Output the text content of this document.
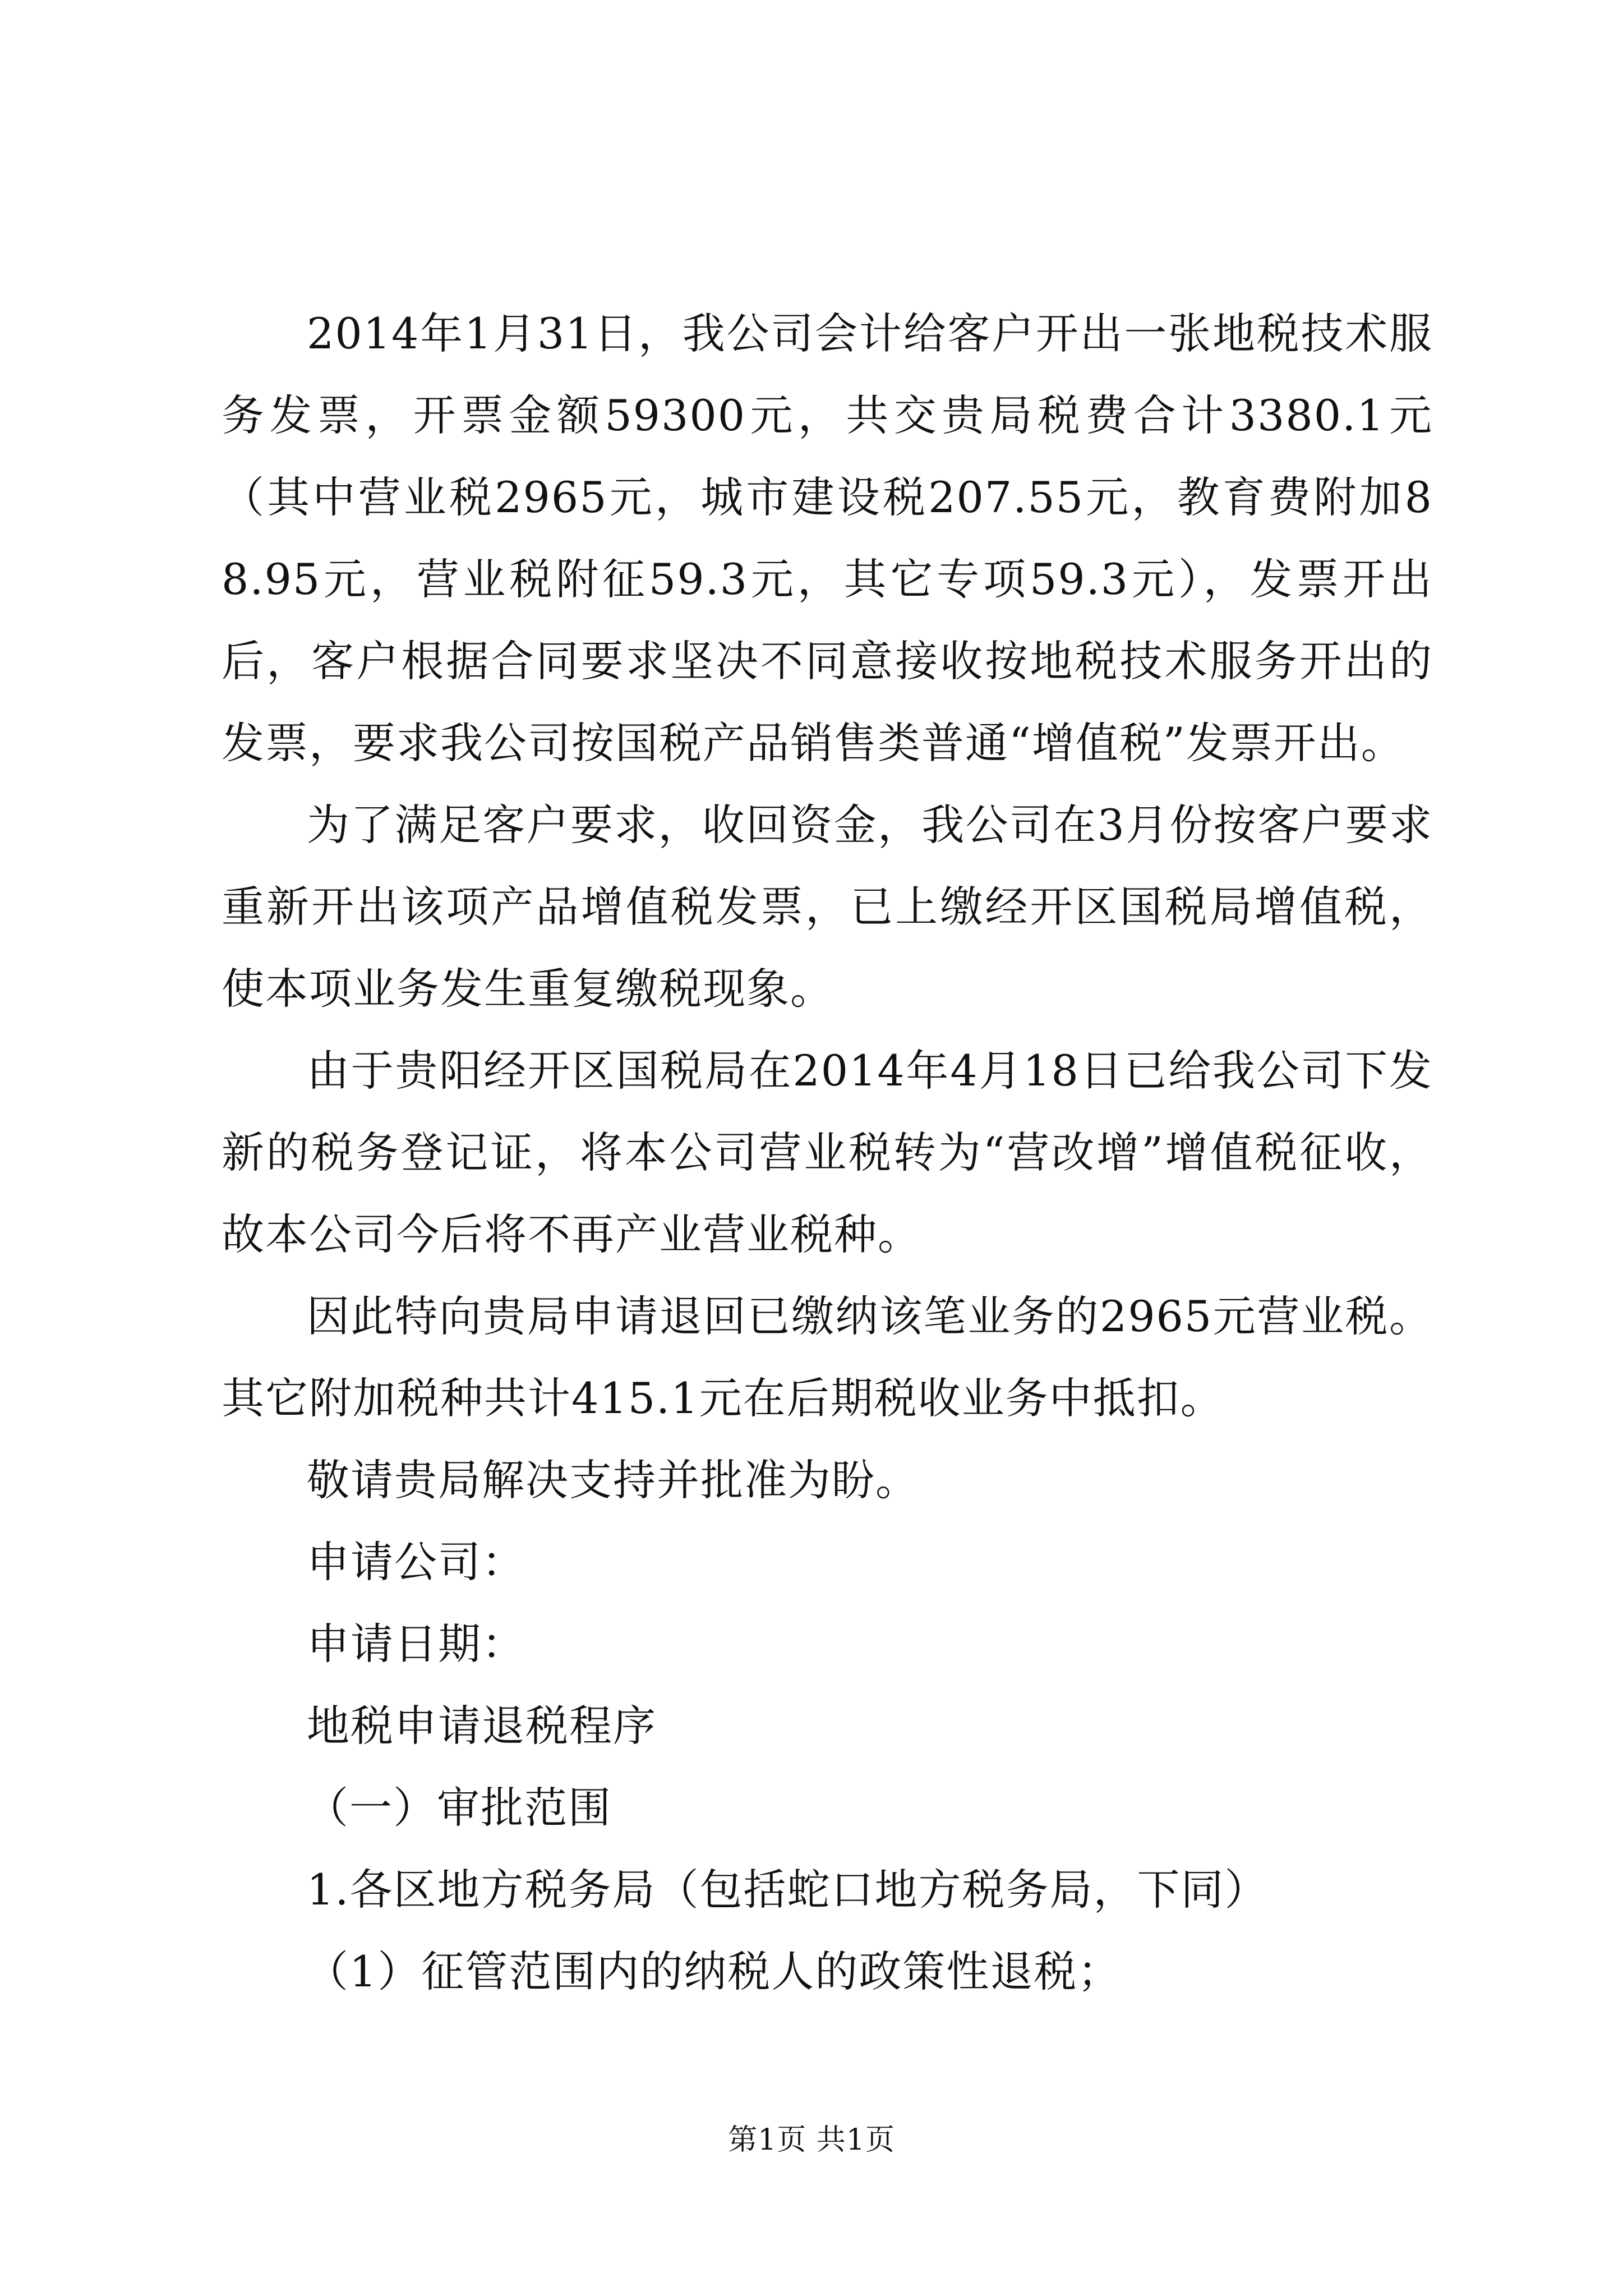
2014年1月31日，我公司会计给客户开出一张地税技术服务发票，开票金额59300元，共交贵局税费合计3380.1元（其中营业税2965元，城市建设税207.55元，教育费附加88.95元，营业税附征59.3元，其它专项59.3元），发票开出后，客户根据合同要求坚决不同意接收按地税技术服务开出的发票，要求我公司按国税产品销售类普通“增值税”发票开出。

为了满足客户要求，收回资金，我公司在3月份按客户要求重新开出该项产品增值税发票，已上缴经开区国税局增值税，使本项业务发生重复缴税现象。

由于贵阳经开区国税局在2014年4月18日已给我公司下发新的税务登记证，将本公司营业税转为“营改增”增值税征收，故本公司今后将不再产业营业税种。

因此特向贵局申请退回已缴纳该笔业务的2965元营业税。其它附加税种共计415.1元在后期税收业务中抵扣。

敬请贵局解决支持并批准为盼。

申请公司：

申请日期：

地税申请退税程序

（一）审批范围

1.各区地方税务局（包括蛇口地方税务局，下同）

（1）征管范围内的纳税人的政策性退税；

第1页 共1页
